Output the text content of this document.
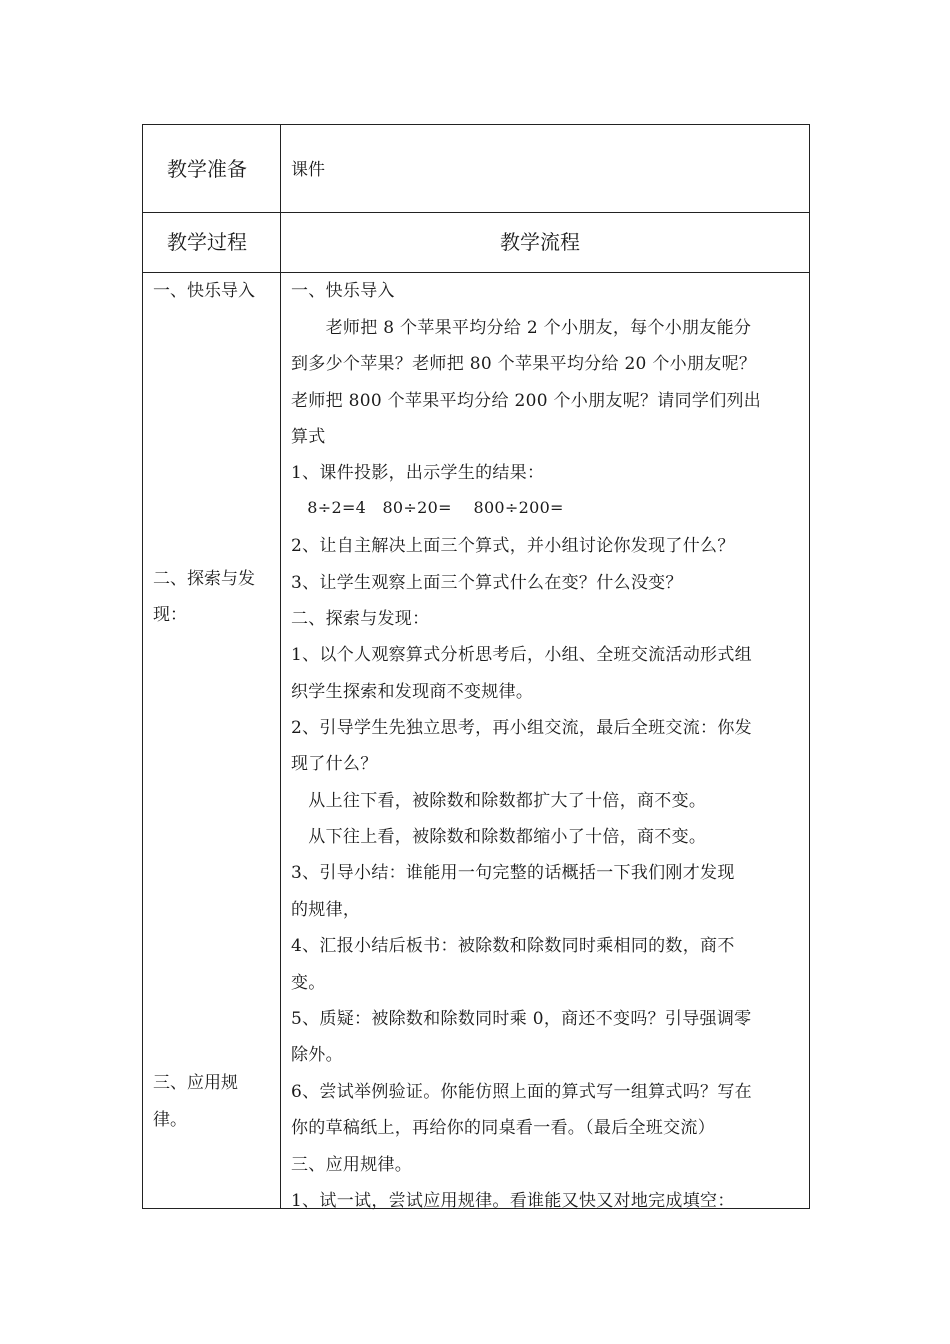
教学准备	课件
教学过程	教学流程
一、快乐导入
二、探索与发
现：
三、应用规
律。
一、快乐导入
　　老师把 8 个苹果平均分给 2 个小朋友，每个小朋友能分
到多少个苹果？老师把 80 个苹果平均分给 20 个小朋友呢？
老师把 800 个苹果平均分给 200 个小朋友呢？请同学们列出
算式
1、课件投影，出示学生的结果：
　8÷2=4　80÷20=　 800÷200=
2、让自主解决上面三个算式，并小组讨论你发现了什么？
3、让学生观察上面三个算式什么在变？什么没变？
二、探索与发现：
1、以个人观察算式分析思考后，小组、全班交流活动形式组
织学生探索和发现商不变规律。
2、引导学生先独立思考，再小组交流，最后全班交流：你发
现了什么？
　从上往下看，被除数和除数都扩大了十倍，商不变。
　从下往上看，被除数和除数都缩小了十倍，商不变。
3、引导小结：谁能用一句完整的话概括一下我们刚才发现
的规律，
4、汇报小结后板书：被除数和除数同时乘相同的数，商不
变。
5、质疑：被除数和除数同时乘 0，商还不变吗？引导强调零
除外。
6、尝试举例验证。你能仿照上面的算式写一组算式吗？写在
你的草稿纸上，再给你的同桌看一看。（最后全班交流）
三、应用规律。
1、试一试，尝试应用规律。看谁能又快又对地完成填空：
